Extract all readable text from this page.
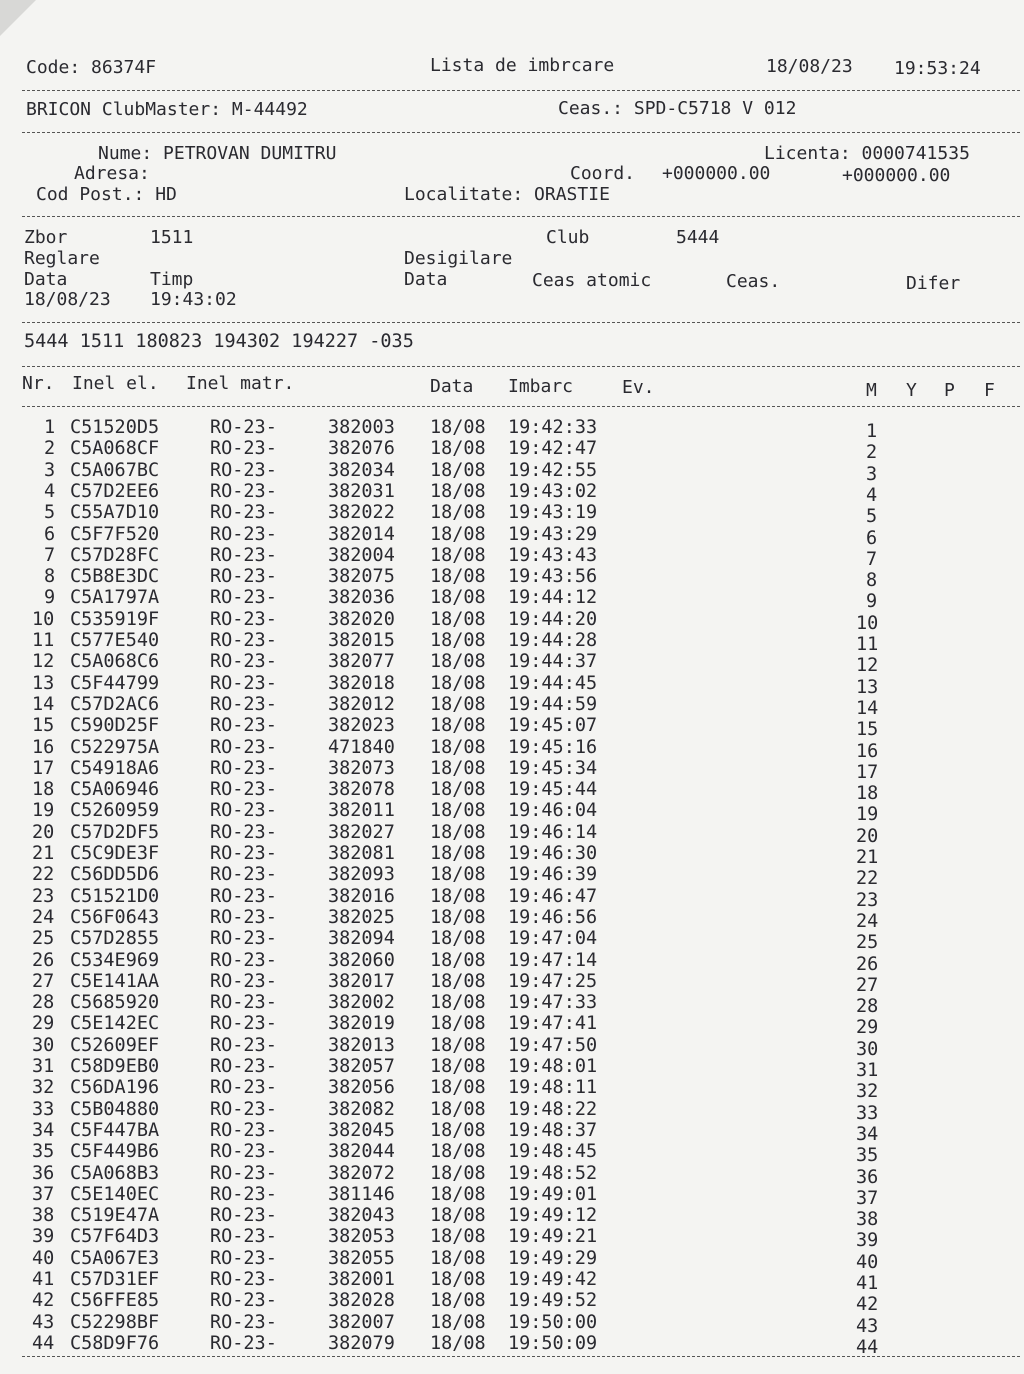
Code: 86374F	Lista de imbrcare	18/08/23 19:53:24
BRICON ClubMaster: M-44492	Ceas.: SPD-C5718 V 012
Nume: PETROVAN DUMITRU	Licenta: 0000741535
Adresa:	Coord. +000000.00	+000000.00
Cod Post.: HD	Localitate: ORASTIE
Zbor	1511	Club	5444
Reglare	Desigilare
Data	Timp	Data	Ceas atomic	Ceas.	Difer
18/08/23 19:43:02
5444 1511 180823 194302 194227 -035
Nr. Inel el. Inel matr.	Data Imbarc	Ev.	M Y P F
1 C51520D5	RO-23-	382003 18/08 19:42:33	1
2 C5A068CF	RO-23-	382076 18/08 19:42:47	2
3 C5A067BC	RO-23-	382034 18/08 19:42:55	3
4 C57D2EE6	RO-23-	382031 18/08 19:43:02	4
5 C55A7D10	RO-23-	382022 18/08 19:43:19	5
6 C5F7F520	RO-23-	382014 18/08 19:43:29	6
7 C57D28FC	RO-23-	382004 18/08 19:43:43	7
8 C5B8E3DC	RO-23-	382075 18/08 19:43:56	8
9 C5A1797A	RO-23-	382036 18/08 19:44:12	9
10 C535919F	RO-23-	382020 18/08 19:44:20	10
11 C577E540	RO-23-	382015 18/08 19:44:28	11
12 C5A068C6	RO-23-	382077 18/08 19:44:37	12
13 C5F44799	RO-23-	382018 18/08 19:44:45	13
14 C57D2AC6	RO-23-	382012 18/08 19:44:59	14
15 C590D25F	RO-23-	382023 18/08 19:45:07	15
16 C522975A	RO-23-	471840 18/08 19:45:16	16
17 C54918A6	RO-23-	382073 18/08 19:45:34	17
18 C5A06946	RO-23-	382078 18/08 19:45:44	18
19 C5260959	RO-23-	382011 18/08 19:46:04	19
20 C57D2DF5	RO-23-	382027 18/08 19:46:14	20
21 C5C9DE3F	RO-23-	382081 18/08 19:46:30	21
22 C56DD5D6	RO-23-	382093 18/08 19:46:39	22
23 C51521D0	RO-23-	382016 18/08 19:46:47	23
24 C56F0643	RO-23-	382025 18/08 19:46:56	24
25 C57D2855	RO-23-	382094 18/08 19:47:04	25
26 C534E969	RO-23-	382060 18/08 19:47:14	26
27 C5E141AA	RO-23-	382017 18/08 19:47:25	27
28 C5685920	RO-23-	382002 18/08 19:47:33	28
29 C5E142EC	RO-23-	382019 18/08 19:47:41	29
30 C52609EF	RO-23-	382013 18/08 19:47:50	30
31 C58D9EB0	RO-23-	382057 18/08 19:48:01	31
32 C56DA196	RO-23-	382056 18/08 19:48:11	32
33 C5B04880	RO-23-	382082 18/08 19:48:22	33
34 C5F447BA	RO-23-	382045 18/08 19:48:37	34
35 C5F449B6	RO-23-	382044 18/08 19:48:45	35
36 C5A068B3	RO-23-	382072 18/08 19:48:52	36
37 C5E140EC	RO-23-	381146 18/08 19:49:01	37
38 C519E47A	RO-23-	382043 18/08 19:49:12	38
39 C57F64D3	RO-23-	382053 18/08 19:49:21	39
40 C5A067E3	RO-23-	382055 18/08 19:49:29	40
41 C57D31EF	RO-23-	382001 18/08 19:49:42	41
42 C56FFE85	RO-23-	382028 18/08 19:49:52	42
43 C52298BF	RO-23-	382007 18/08 19:50:00	43
44 C58D9F76	RO-23-	382079 18/08 19:50:09	44
